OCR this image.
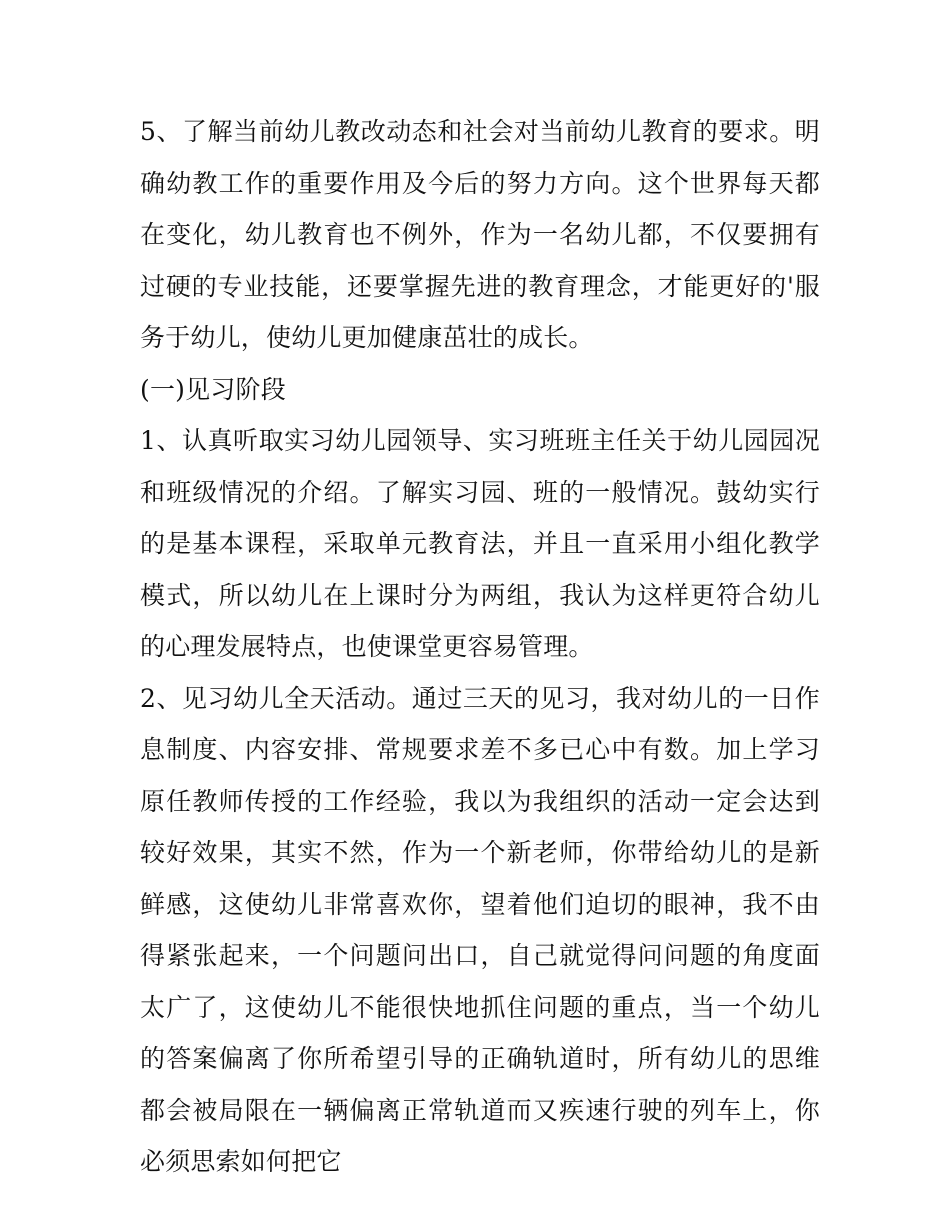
5、了解当前幼儿教改动态和社会对当前幼儿教育的要求。明确幼教工作的重要作用及今后的努力方向。这个世界每天都在变化，幼儿教育也不例外，作为一名幼儿都，不仅要拥有过硬的专业技能，还要掌握先进的教育理念，才能更好的'服务于幼儿，使幼儿更加健康茁壮的成长。

(一)见习阶段

1、认真听取实习幼儿园领导、实习班班主任关于幼儿园园况和班级情况的介绍。了解实习园、班的一般情况。鼓幼实行的是基本课程，采取单元教育法，并且一直采用小组化教学模式，所以幼儿在上课时分为两组，我认为这样更符合幼儿的心理发展特点，也使课堂更容易管理。

2、见习幼儿全天活动。通过三天的见习，我对幼儿的一日作息制度、内容安排、常规要求差不多已心中有数。加上学习原任教师传授的工作经验，我以为我组织的活动一定会达到较好效果，其实不然，作为一个新老师，你带给幼儿的是新鲜感，这使幼儿非常喜欢你，望着他们迫切的眼神，我不由得紧张起来，一个问题问出口，自己就觉得问问题的角度面太广了，这使幼儿不能很快地抓住问题的重点，当一个幼儿的答案偏离了你所希望引导的正确轨道时，所有幼儿的思维都会被局限在一辆偏离正常轨道而又疾速行驶的列车上，你必须思索如何把它
